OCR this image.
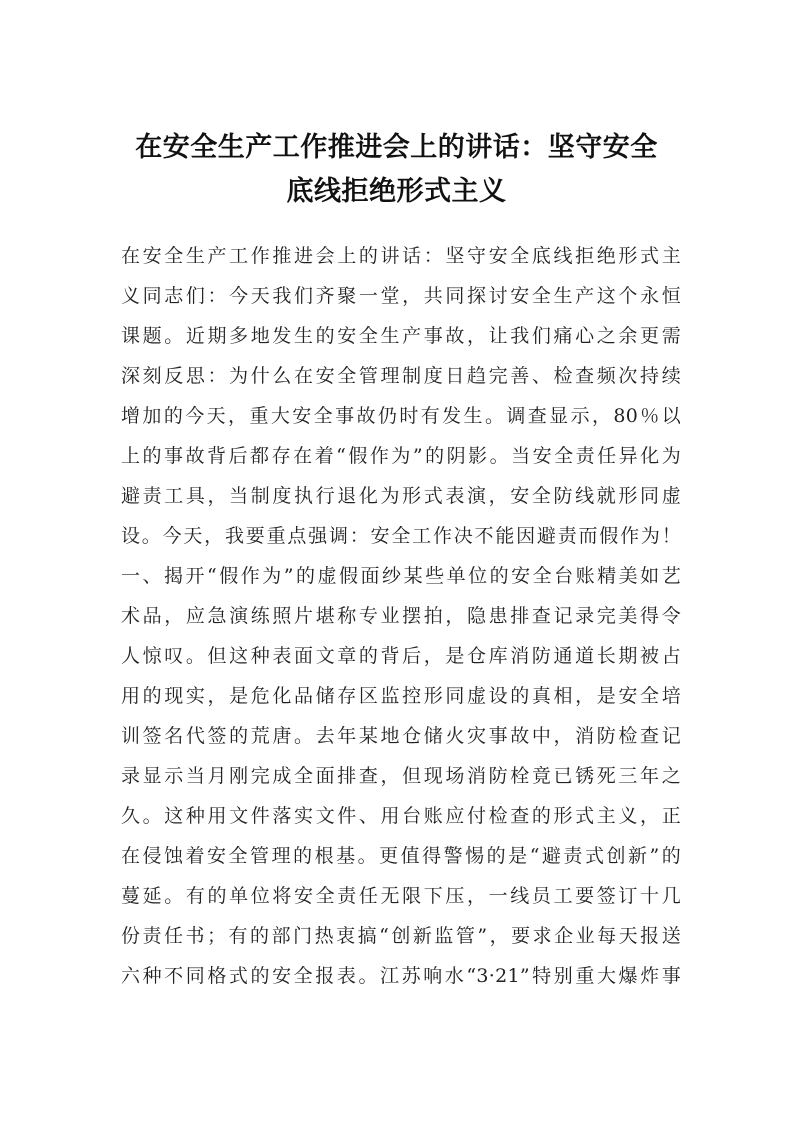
在安全生产工作推进会上的讲话：坚守安全
底线拒绝形式主义
在安全生产工作推进会上的讲话：坚守安全底线拒绝形式主
义同志们：今天我们齐聚一堂，共同探讨安全生产这个永恒
课题。近期多地发生的安全生产事故，让我们痛心之余更需
深刻反思：为什么在安全管理制度日趋完善、检查频次持续
增加的今天，重大安全事故仍时有发生。调查显示，80％以
上的事故背后都存在着“假作为”的阴影。当安全责任异化为
避责工具，当制度执行退化为形式表演，安全防线就形同虚
设。今天，我要重点强调：安全工作决不能因避责而假作为！
一、揭开“假作为”的虚假面纱某些单位的安全台账精美如艺
术品，应急演练照片堪称专业摆拍，隐患排查记录完美得令
人惊叹。但这种表面文章的背后，是仓库消防通道长期被占
用的现实，是危化品储存区监控形同虚设的真相，是安全培
训签名代签的荒唐。去年某地仓储火灾事故中，消防检查记
录显示当月刚完成全面排查，但现场消防栓竟已锈死三年之
久。这种用文件落实文件、用台账应付检查的形式主义，正
在侵蚀着安全管理的根基。更值得警惕的是“避责式创新”的
蔓延。有的单位将安全责任无限下压，一线员工要签订十几
份责任书；有的部门热衷搞“创新监管”，要求企业每天报送
六种不同格式的安全报表。江苏响水“3·21”特别重大爆炸事
